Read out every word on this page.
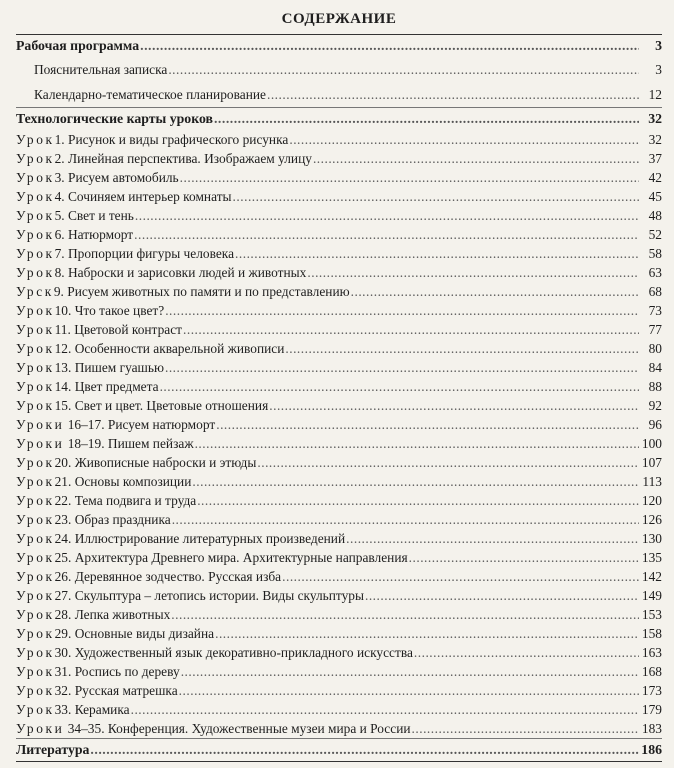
СОДЕРЖАНИЕ
Рабочая программа .....	3
Пояснительная записка .....	3
Календарно-тематическое планирование .....	12
Технологические карты уроков .....	32
Урок1. Рисунок и виды графического рисунка .....	32
Урок2. Линейная перспектива. Изображаем улицу .....	37
Урок3. Рисуем автомобиль .....	42
Урок4. Сочиняем интерьер комнаты .....	45
Урок5. Свет и тень .....	48
Урок6. Натюрморт .....	52
Урок7. Пропорции фигуры человека .....	58
Урок8. Наброски и зарисовки людей и животных .....	63
Урск9. Рисуем животных по памяти и по представлению .....	68
Урок10. Что такое цвет? .....	73
Урок11. Цветовой контраст .....	77
Урок12. Особенности акварельной живописи .....	80
Урок13. Пишем гуашью .....	84
Урок14. Цвет предмета .....	88
Урок15. Свет и цвет. Цветовые отношения .....	92
Уроки 16–17. Рисуем натюрморт .....	96
Уроки 18–19. Пишем пейзаж .....	100
Урок20. Живописные наброски и этюды .....	107
Урок21. Основы композиции .....	113
Урок22. Тема подвига и труда .....	120
Урок23. Образ праздника .....	126
Урок24. Иллюстрирование литературных произведений .....	130
Урок25. Архитектура Древнего мира. Архитектурные направления .....	135
Урок26. Деревянное зодчество. Русская изба .....	142
Урок27. Скульптура – летопись истории. Виды скульптуры .....	149
Урок28. Лепка животных .....	153
Урок29. Основные виды дизайна .....	158
Урок30. Художественный язык декоративно-прикладного искусства .....	163
Урок31. Роспись по дереву .....	168
Урок32. Русская матрешка .....	173
Урок33. Керамика .....	179
Уроки 34–35. Конференция. Художественные музеи мира и России .....	183
Литература .....	186
